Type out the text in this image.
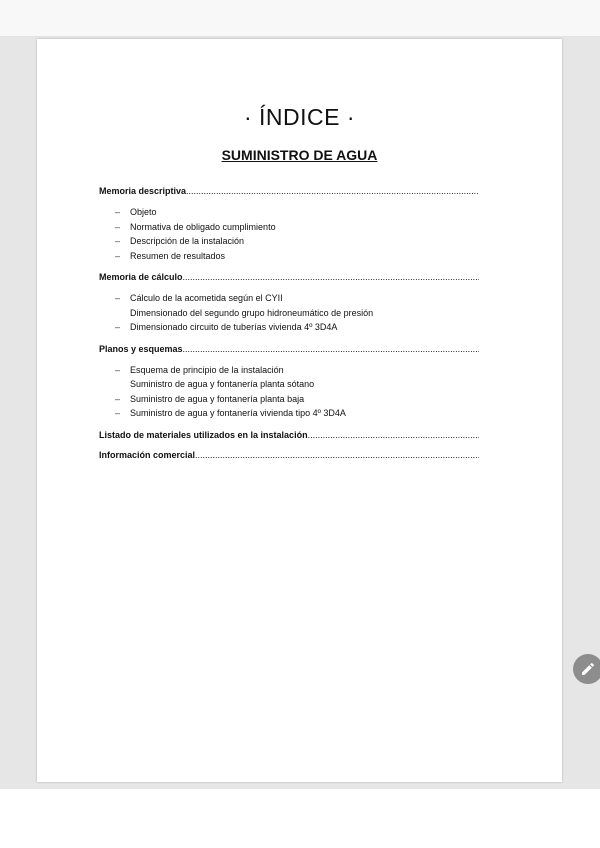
· ÍNDICE ·
SUMINISTRO DE AGUA
Memoria descriptiva
.....
– Objeto
– Normativa de obligado cumplimiento
– Descripción de la instalación
– Resumen de resultados
Memoria de cálculo
.....
– Cálculo de la acometida según el CYII
Dimensionado del segundo grupo hidroneumático de presión
– Dimensionado circuito de tuberías vivienda 4º 3D4A
Planos y esquemas
.....
– Esquema de principio de la instalación
Suministro de agua y fontanería planta sótano
– Suministro de agua y fontanería planta baja
– Suministro de agua y fontanería vivienda tipo 4º 3D4A
Listado de materiales utilizados en la instalación
.....
Información comercial
.....
